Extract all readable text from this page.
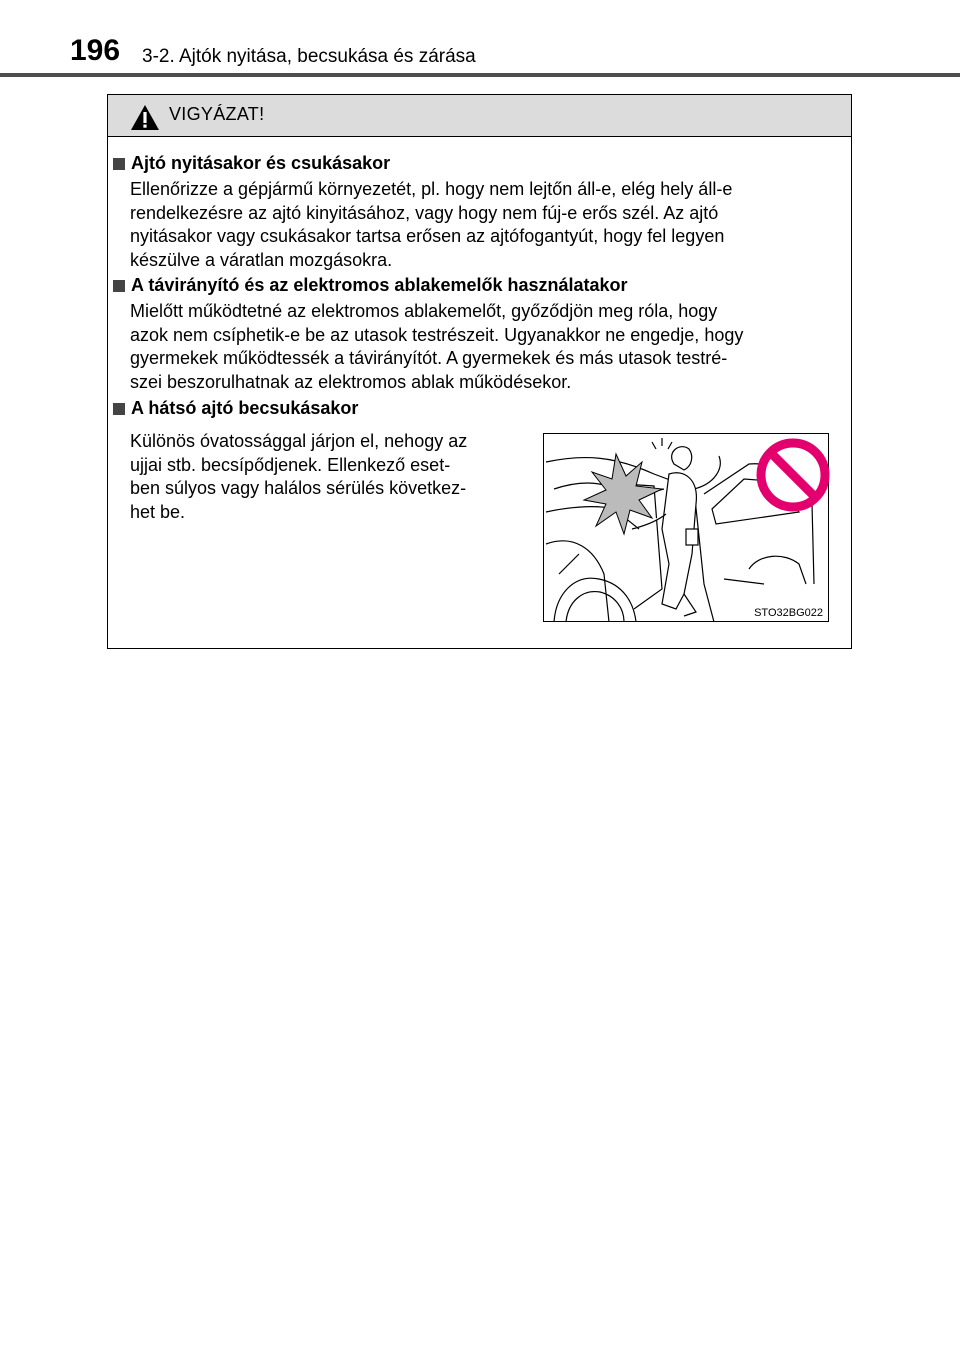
196 3-2. Ajtók nyitása, becsukása és zárása
VIGYÁZAT!
Ajtó nyitásakor és csukásakor
Ellenőrizze a gépjármű környezetét, pl. hogy nem lejtőn áll-e, elég hely áll-e
rendelkezésre az ajtó kinyitásához, vagy hogy nem fúj-e erős szél. Az ajtó
nyitásakor vagy csukásakor tartsa erősen az ajtófogantyút, hogy fel legyen
készülve a váratlan mozgásokra.
A távirányító és az elektromos ablakemelők használatakor
Mielőtt működtetné az elektromos ablakemelőt, győződjön meg róla, hogy
azok nem csíphetik-e be az utasok testrészeit. Ugyanakkor ne engedje, hogy
gyermekek működtessék a távirányítót. A gyermekek és más utasok testré-
szei beszorulhatnak az elektromos ablak működésekor.
A hátsó ajtó becsukásakor
Különös óvatossággal járjon el, nehogy az
ujjai stb. becsípődjenek. Ellenkező eset-
ben súlyos vagy halálos sérülés következ-
het be.
STO32BG022
